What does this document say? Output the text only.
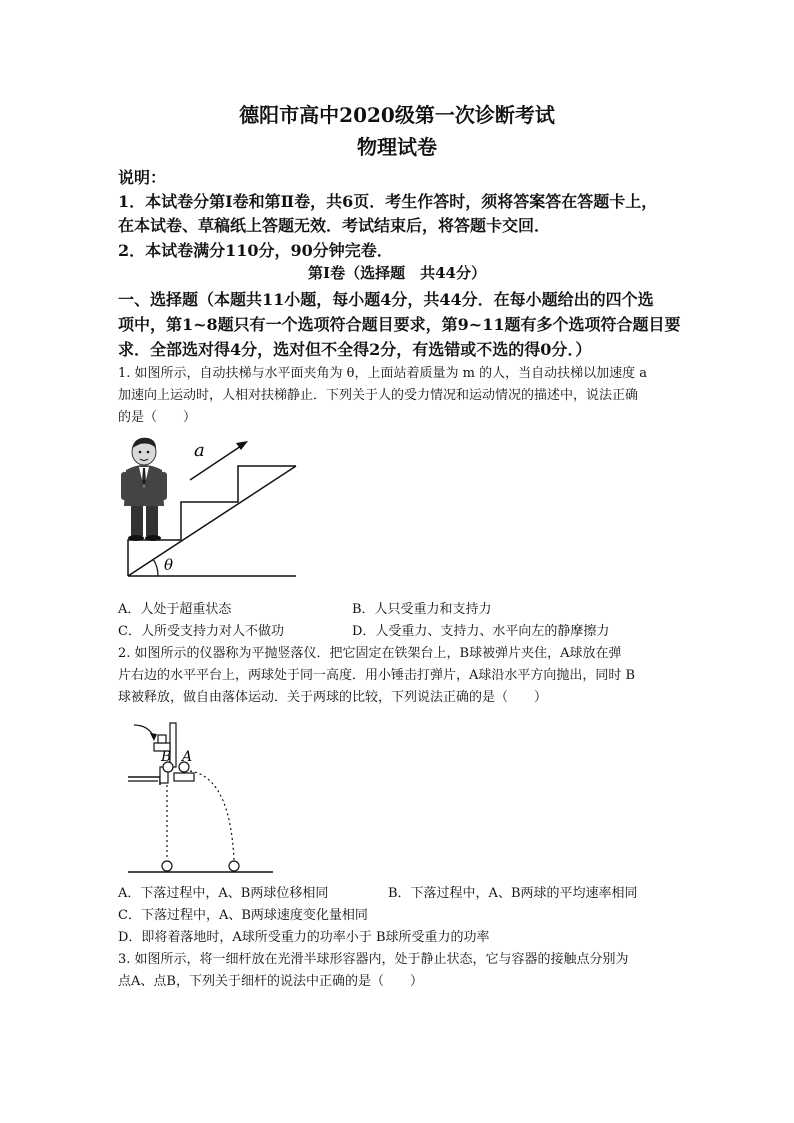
德阳市高中2020级第一次诊断考试
物理试卷
说明：
1．本试卷分第Ⅰ卷和第Ⅱ卷，共6页．考生作答时，须将答案答在答题卡上，
在本试卷、草稿纸上答题无效．考试结束后，将答题卡交回．
2．本试卷满分110分，90分钟完卷．
第Ⅰ卷（选择题　共44分）
一、选择题（本题共11小题，每小题4分，共44分．在每小题给出的四个选
项中，第1~8题只有一个选项符合题目要求，第9~11题有多个选项符合题目要
求．全部选对得4分，选对但不全得2分，有选错或不选的得0分．）
1. 如图所示，自动扶梯与水平面夹角为 θ，上面站着质量为 m 的人，当自动扶梯以加速度 a
加速向上运动时，人相对扶梯静止．下列关于人的受力情况和运动情况的描述中，说法正确
的是（　　）
a
θ
A．人处于超重状态	B．人只受重力和支持力
C．人所受支持力对人不做功	D．人受重力、支持力、水平向左的静摩擦力
2. 如图所示的仪器称为平抛竖落仪．把它固定在铁架台上，B球被弹片夹住，A球放在弹
片右边的水平平台上，两球处于同一高度．用小锤击打弹片，A球沿水平方向抛出，同时 B
球被释放，做自由落体运动．关于两球的比较，下列说法正确的是（　　）
B A
A．下落过程中，A、B两球位移相同	B．下落过程中，A、B两球的平均速率相同
C．下落过程中，A、B两球速度变化量相同
D．即将着落地时，A球所受重力的功率小于 B球所受重力的功率
3. 如图所示，将一细杆放在光滑半球形容器内，处于静止状态，它与容器的接触点分别为
点A、点B，下列关于细杆的说法中正确的是（　　）
